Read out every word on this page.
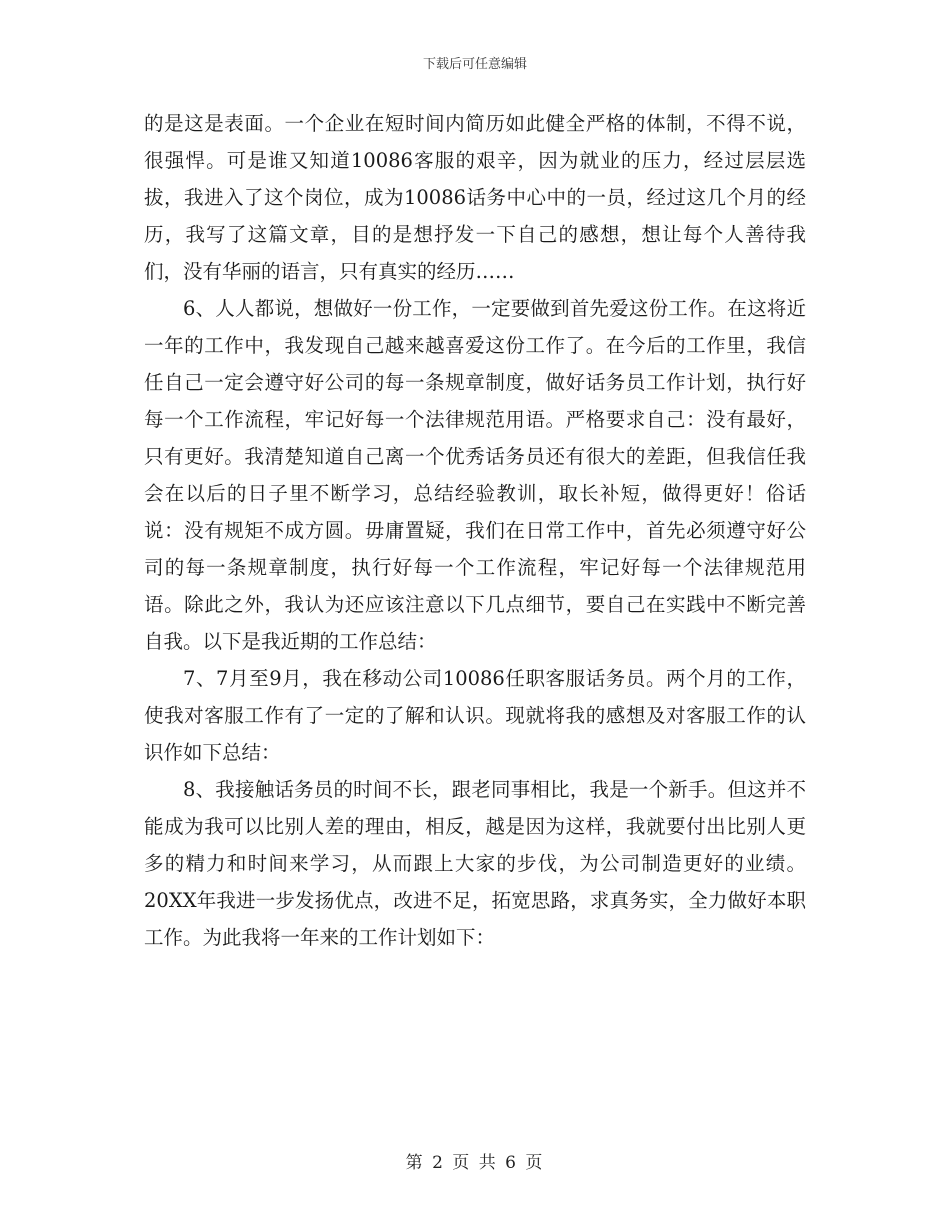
下载后可任意编辑

的是这是表面。一个企业在短时间内简历如此健全严格的体制，不得不说，很强悍。可是谁又知道10086客服的艰辛，因为就业的压力，经过层层选拔，我进入了这个岗位，成为10086话务中心中的一员，经过这几个月的经历，我写了这篇文章，目的是想抒发一下自己的感想，想让每个人善待我们，没有华丽的语言，只有真实的经历……

6、人人都说，想做好一份工作，一定要做到首先爱这份工作。在这将近一年的工作中，我发现自己越来越喜爱这份工作了。在今后的工作里，我信任自己一定会遵守好公司的每一条规章制度，做好话务员工作计划，执行好每一个工作流程，牢记好每一个法律规范用语。严格要求自己：没有最好，只有更好。我清楚知道自己离一个优秀话务员还有很大的差距，但我信任我会在以后的日子里不断学习，总结经验教训，取长补短，做得更好！俗话说：没有规矩不成方圆。毋庸置疑，我们在日常工作中，首先必须遵守好公司的每一条规章制度，执行好每一个工作流程，牢记好每一个法律规范用语。除此之外，我认为还应该注意以下几点细节，要自己在实践中不断完善自我。以下是我近期的工作总结：

7、7月至9月，我在移动公司10086任职客服话务员。两个月的工作，使我对客服工作有了一定的了解和认识。现就将我的感想及对客服工作的认识作如下总结：

8、我接触话务员的时间不长，跟老同事相比，我是一个新手。但这并不能成为我可以比别人差的理由，相反，越是因为这样，我就要付出比别人更多的精力和时间来学习，从而跟上大家的步伐，为公司制造更好的业绩。20XX年我进一步发扬优点，改进不足，拓宽思路，求真务实，全力做好本职工作。为此我将一年来的工作计划如下：

第 2 页 共 6 页
